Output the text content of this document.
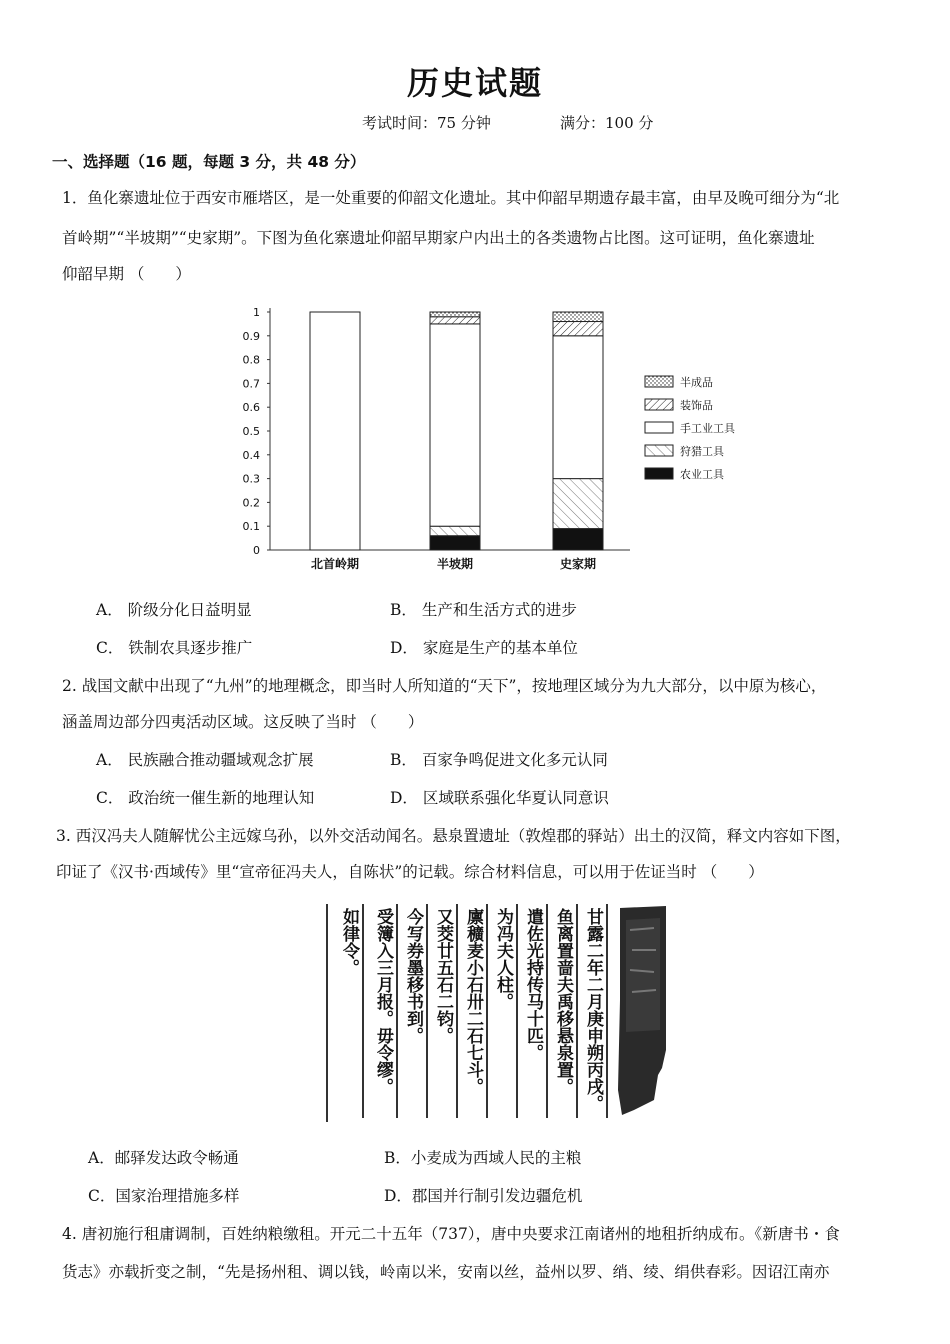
历史试题
考试时间：75 分钟	满分：100 分
一、选择题（16 题，每题 3 分，共 48 分）
1．鱼化寨遗址位于西安市雁塔区，是一处重要的仰韶文化遗址。其中仰韶早期遗存最丰富，由早及晚可细分为“北
首岭期”“半坡期”“史家期”。下图为鱼化寨遗址仰韶早期家户内出土的各类遗物占比图。这可证明，鱼化寨遗址
仰韶早期 （　　）
0
0.1
0.2
0.3
0.4
0.5
0.6
0.7
0.8
0.9
1
北首岭期	半坡期	史家期
半成品
装饰品
手工业工具
狩猎工具
农业工具
A． 阶级分化日益明显	B． 生产和生活方式的进步
C． 铁制农具逐步推广	D． 家庭是生产的基本单位
2. 战国文献中出现了“九州”的地理概念，即当时人所知道的“天下”，按地理区域分为九大部分，以中原为核心，
涵盖周边部分四夷活动区域。这反映了当时 （　　）
A． 民族融合推动疆域观念扩展	B． 百家争鸣促进文化多元认同
C． 政治统一催生新的地理认知	D． 区域联系强化华夏认同意识
3. 西汉冯夫人随解忧公主远嫁乌孙，以外交活动闻名。悬泉置遗址（敦煌郡的驿站）出土的汉简，释文内容如下图，
印证了《汉书·西域传》里“宣帝征冯夫人，自陈状”的记载。综合材料信息，可以用于佐证当时 （　　）
甘露二年二月庚申朔丙戌。
鱼离置啬夫禹移悬泉置。
遣佐光持传马十匹。
为冯夫人柱。
廪穬麦小石卅二石七斗。
又茭廿五石二钧。
今写券墨移书到。
受簿入三月报。毋令缪。
如律令。
A．邮驿发达政令畅通	B．小麦成为西域人民的主粮
C．国家治理措施多样	D．郡国并行制引发边疆危机
4. 唐初施行租庸调制，百姓纳粮缴租。开元二十五年（737），唐中央要求江南诸州的地租折纳成布。《新唐书・食
货志》亦载折变之制，“先是扬州租、调以钱，岭南以米，安南以丝，益州以罗、绡、绫、绢供春彩。因诏江南亦
